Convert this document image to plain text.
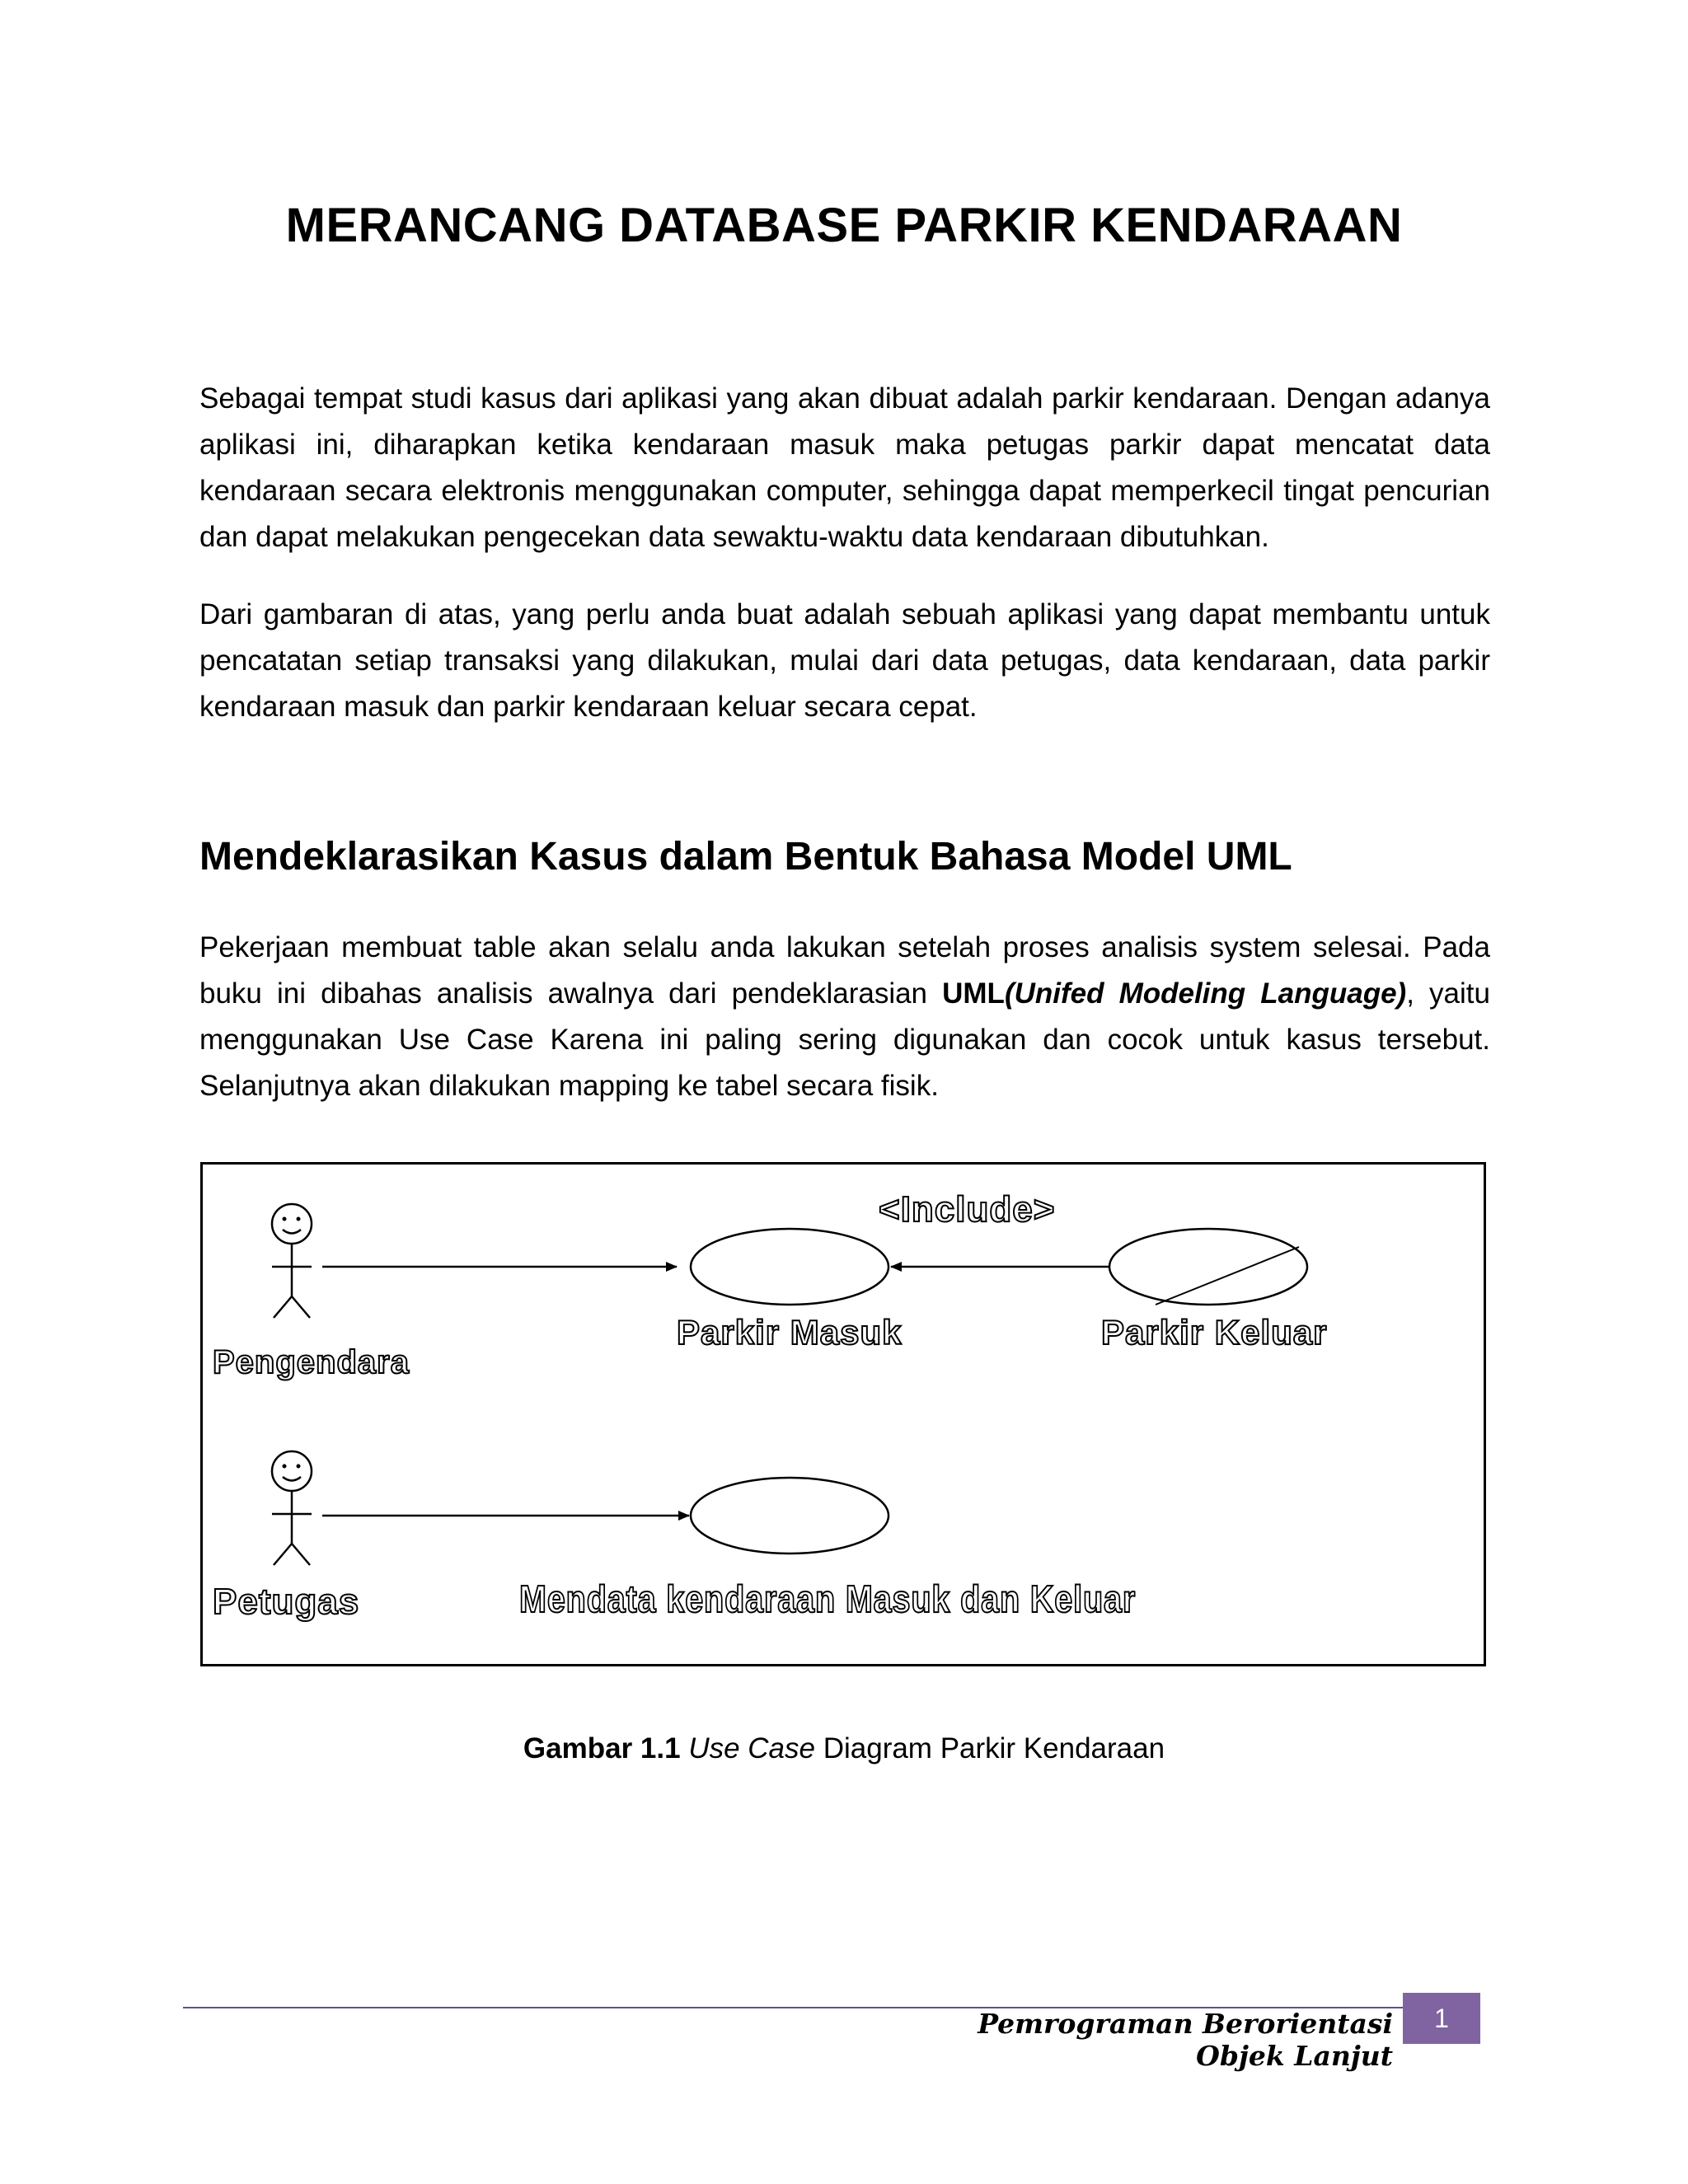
MERANCANG DATABASE PARKIR KENDARAAN

Sebagai tempat studi kasus dari aplikasi yang akan dibuat adalah parkir kendaraan. Dengan adanya aplikasi ini, diharapkan ketika kendaraan masuk maka petugas parkir dapat mencatat data kendaraan secara elektronis menggunakan computer, sehingga dapat memperkecil tingat pencurian dan dapat melakukan pengecekan data sewaktu-waktu data kendaraan dibutuhkan.

Dari gambaran di atas, yang perlu anda buat adalah sebuah aplikasi yang dapat membantu untuk pencatatan setiap transaksi yang dilakukan, mulai dari data petugas, data kendaraan, data parkir kendaraan masuk dan parkir kendaraan keluar secara cepat.

Mendeklarasikan Kasus dalam Bentuk Bahasa Model UML

Pekerjaan membuat table akan selalu anda lakukan setelah proses analisis system selesai. Pada buku ini dibahas analisis awalnya dari pendeklarasian UML(Unifed Modeling Language), yaitu menggunakan Use Case Karena ini paling sering digunakan dan cocok untuk kasus tersebut. Selanjutnya akan dilakukan mapping ke tabel secara fisik.

<Include>
Pengendara
Parkir Masuk	Parkir Keluar
Petugas	Mendata kendaraan Masuk dan Keluar
Gambar 1.1 Use Case Diagram Parkir Kendaraan
Pemrograman Berorientasi Objek Lanjut
1
